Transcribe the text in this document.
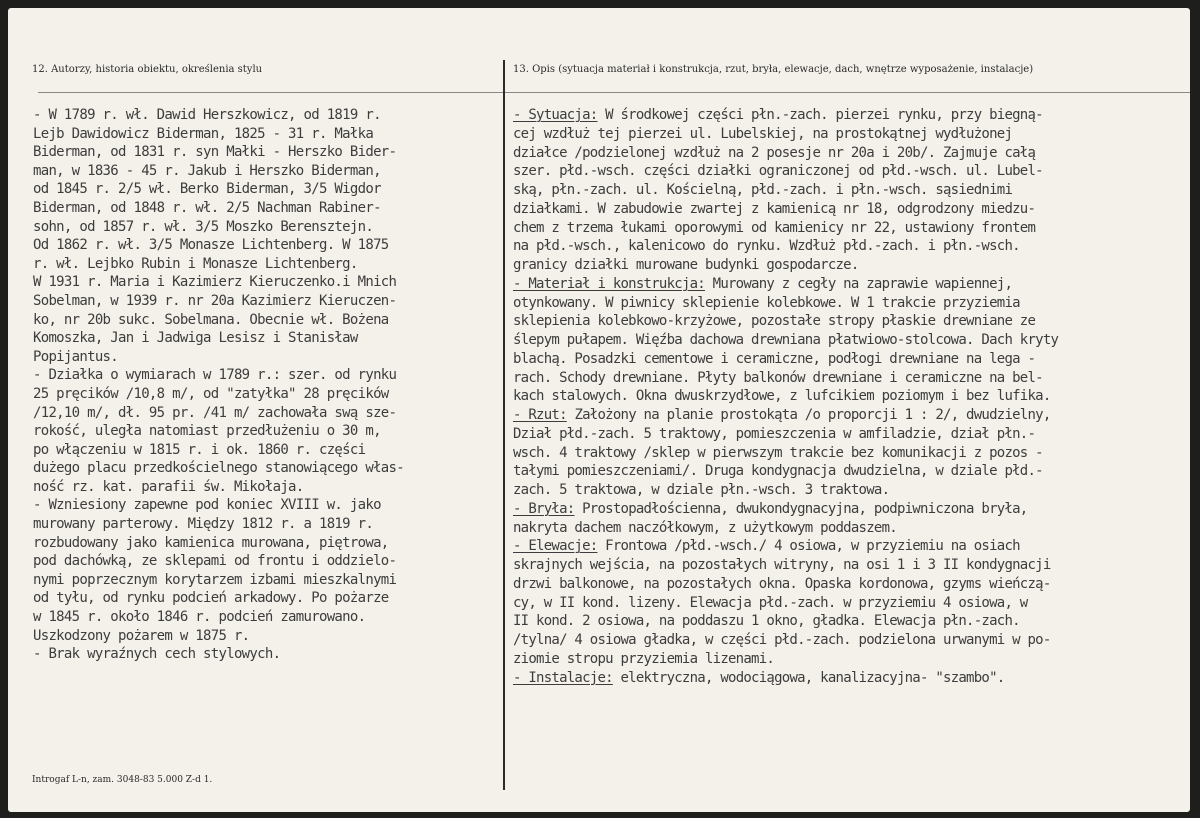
12. Autorzy, historia obiektu, określenia stylu	13. Opis (sytuacja materiał i konstrukcja, rzut, bryła, elewacje, dach, wnętrze wyposażenie, instalacje)
- W 1789 r. wł. Dawid Herszkowicz, od 1819 r.
Lejb Dawidowicz Biderman, 1825 - 31 r. Małka
Biderman, od 1831 r. syn Małki - Herszko Bider-
man, w 1836 - 45 r. Jakub i Herszko Biderman,
od 1845 r. 2/5 wł. Berko Biderman, 3/5 Wigdor
Biderman, od 1848 r. wł. 2/5 Nachman Rabiner-
sohn, od 1857 r. wł. 3/5 Moszko Berensztejn.
Od 1862 r. wł. 3/5 Monasze Lichtenberg. W 1875
r. wł. Lejbko Rubin i Monasze Lichtenberg.
W 1931 r. Maria i Kazimierz Kieruczenko.i Mnich
Sobelman, w 1939 r. nr 20a Kazimierz Kieruczen-
ko, nr 20b sukc. Sobelmana. Obecnie wł. Bożena
Komoszka, Jan i Jadwiga Lesisz i Stanisław
Popijantus.
- Działka o wymiarach w 1789 r.: szer. od rynku
25 pręcików /10,8 m/, od "zatyłka" 28 pręcików
/12,10 m/, dł. 95 pr. /41 m/ zachowała swą sze-
rokość, uległa natomiast przedłużeniu o 30 m,
po włączeniu w 1815 r. i ok. 1860 r. części
dużego placu przedkościelnego stanowiącego włas-
ność rz. kat. parafii św. Mikołaja.
- Wzniesiony zapewne pod koniec XVIII w. jako
murowany parterowy. Między 1812 r. a 1819 r.
rozbudowany jako kamienica murowana, piętrowa,
pod dachówką, ze sklepami od frontu i oddzielo-
nymi poprzecznym korytarzem izbami mieszkalnymi
od tyłu, od rynku podcień arkadowy. Po pożarze
w 1845 r. około 1846 r. podcień zamurowano.
Uszkodzony pożarem w 1875 r.
- Brak wyraźnych cech stylowych.
- Sytuacja: W środkowej części płn.-zach. pierzei rynku, przy biegną-
cej wzdłuż tej pierzei ul. Lubelskiej, na prostokątnej wydłużonej
działce /podzielonej wzdłuż na 2 posesje nr 20a i 20b/. Zajmuje całą
szer. płd.-wsch. części działki ograniczonej od płd.-wsch. ul. Lubel-
ską, płn.-zach. ul. Kościelną, płd.-zach. i płn.-wsch. sąsiednimi
działkami. W zabudowie zwartej z kamienicą nr 18, odgrodzony miedzu-
chem z trzema łukami oporowymi od kamienicy nr 22, ustawiony frontem
na płd.-wsch., kalenicowo do rynku. Wzdłuż płd.-zach. i płn.-wsch.
granicy działki murowane budynki gospodarcze.
- Materiał i konstrukcja: Murowany z cegły na zaprawie wapiennej,
otynkowany. W piwnicy sklepienie kolebkowe. W 1 trakcie przyziemia
sklepienia kolebkowo-krzyżowe, pozostałe stropy płaskie drewniane ze
ślepym pułapem. Więźba dachowa drewniana płatwiowo-stolcowa. Dach kryty
blachą. Posadzki cementowe i ceramiczne, podłogi drewniane na lega -
rach. Schody drewniane. Płyty balkonów drewniane i ceramiczne na bel-
kach stalowych. Okna dwuskrzydłowe, z lufcikiem poziomym i bez lufika.
- Rzut: Założony na planie prostokąta /o proporcji 1 : 2/, dwudzielny,
Dział płd.-zach. 5 traktowy, pomieszczenia w amfiladzie, dział płn.-
wsch. 4 traktowy /sklep w pierwszym trakcie bez komunikacji z pozos -
tałymi pomieszczeniami/. Druga kondygnacja dwudzielna, w dziale płd.-
zach. 5 traktowa, w dziale płn.-wsch. 3 traktowa.
- Bryła: Prostopadłościenna, dwukondygnacyjna, podpiwniczona bryła,
nakryta dachem naczółkowym, z użytkowym poddaszem.
- Elewacje: Frontowa /płd.-wsch./ 4 osiowa, w przyziemiu na osiach
skrajnych wejścia, na pozostałych witryny, na osi 1 i 3 II kondygnacji
drzwi balkonowe, na pozostałych okna. Opaska kordonowa, gzyms wieńczą-
cy, w II kond. lizeny. Elewacja płd.-zach. w przyziemiu 4 osiowa, w
II kond. 2 osiowa, na poddaszu 1 okno, gładka. Elewacja płn.-zach.
/tylna/ 4 osiowa gładka, w części płd.-zach. podzielona urwanymi w po-
ziomie stropu przyziemia lizenami.
- Instalacje: elektryczna, wodociągowa, kanalizacyjna- "szambo".
Introgaf L-n, zam. 3048-83 5.000 Z-d 1.
